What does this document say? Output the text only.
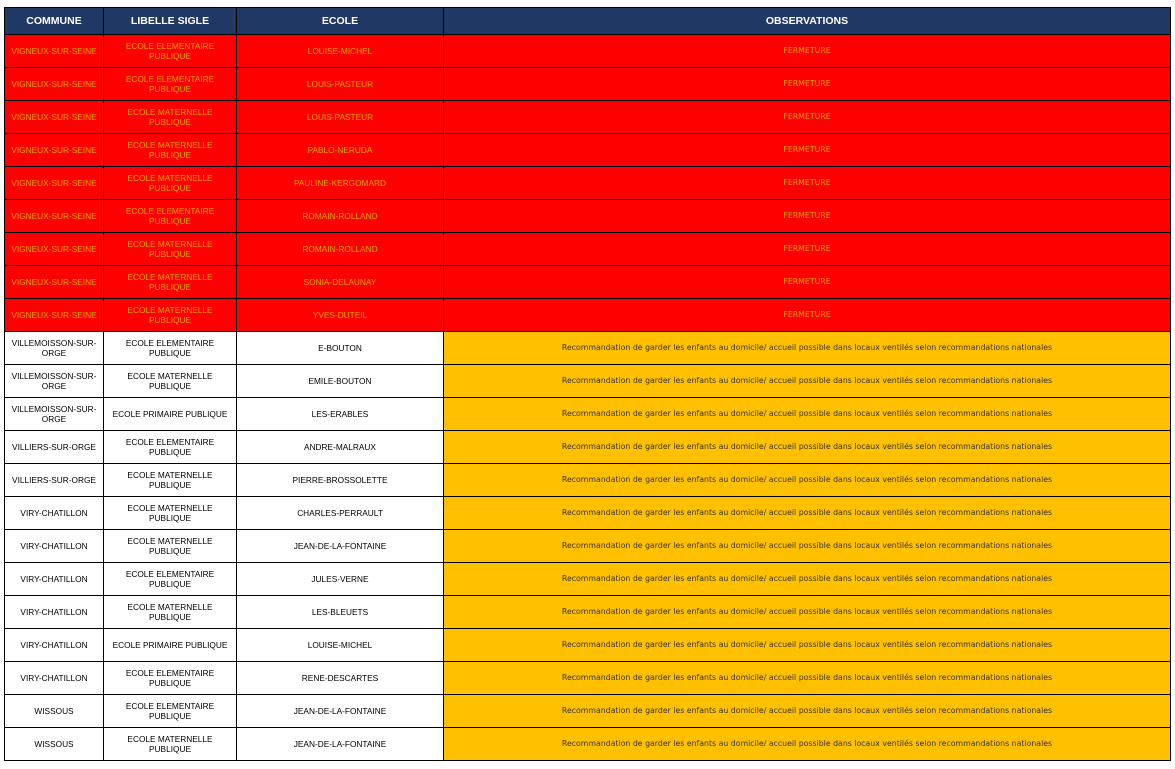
COMMUNE	LIBELLE SIGLE	ECOLE	OBSERVATIONS
VIGNEUX-SUR-SEINE	ECOLE ELEMENTAIRE PUBLIQUE	LOUISE-MICHEL	FERMETURE
VIGNEUX-SUR-SEINE	ECOLE ELEMENTAIRE PUBLIQUE	LOUIS-PASTEUR	FERMETURE
VIGNEUX-SUR-SEINE	ECOLE MATERNELLE PUBLIQUE	LOUIS-PASTEUR	FERMETURE
VIGNEUX-SUR-SEINE	ECOLE MATERNELLE PUBLIQUE	PABLO-NERUDA	FERMETURE
VIGNEUX-SUR-SEINE	ECOLE MATERNELLE PUBLIQUE	PAULINE-KERGOMARD	FERMETURE
VIGNEUX-SUR-SEINE	ECOLE ELEMENTAIRE PUBLIQUE	ROMAIN-ROLLAND	FERMETURE
VIGNEUX-SUR-SEINE	ECOLE MATERNELLE PUBLIQUE	ROMAIN-ROLLAND	FERMETURE
VIGNEUX-SUR-SEINE	ECOLE MATERNELLE PUBLIQUE	SONIA-DELAUNAY	FERMETURE
VIGNEUX-SUR-SEINE	ECOLE MATERNELLE PUBLIQUE	YVES-DUTEIL	FERMETURE
VILLEMOISSON-SUR-ORGE	ECOLE ELEMENTAIRE PUBLIQUE	E-BOUTON	Recommandation de garder les enfants au domicile/ accueil possible dans locaux ventilés selon recommandations nationales
VILLEMOISSON-SUR-ORGE	ECOLE MATERNELLE PUBLIQUE	EMILE-BOUTON	Recommandation de garder les enfants au domicile/ accueil possible dans locaux ventilés selon recommandations nationales
VILLEMOISSON-SUR-ORGE	ECOLE PRIMAIRE PUBLIQUE	LES-ERABLES	Recommandation de garder les enfants au domicile/ accueil possible dans locaux ventilés selon recommandations nationales
VILLIERS-SUR-ORGE	ECOLE ELEMENTAIRE PUBLIQUE	ANDRE-MALRAUX	Recommandation de garder les enfants au domicile/ accueil possible dans locaux ventilés selon recommandations nationales
VILLIERS-SUR-ORGE	ECOLE MATERNELLE PUBLIQUE	PIERRE-BROSSOLETTE	Recommandation de garder les enfants au domicile/ accueil possible dans locaux ventilés selon recommandations nationales
VIRY-CHATILLON	ECOLE MATERNELLE PUBLIQUE	CHARLES-PERRAULT	Recommandation de garder les enfants au domicile/ accueil possible dans locaux ventilés selon recommandations nationales
VIRY-CHATILLON	ECOLE MATERNELLE PUBLIQUE	JEAN-DE-LA-FONTAINE	Recommandation de garder les enfants au domicile/ accueil possible dans locaux ventilés selon recommandations nationales
VIRY-CHATILLON	ECOLE ELEMENTAIRE PUBLIQUE	JULES-VERNE	Recommandation de garder les enfants au domicile/ accueil possible dans locaux ventilés selon recommandations nationales
VIRY-CHATILLON	ECOLE MATERNELLE PUBLIQUE	LES-BLEUETS	Recommandation de garder les enfants au domicile/ accueil possible dans locaux ventilés selon recommandations nationales
VIRY-CHATILLON	ECOLE PRIMAIRE PUBLIQUE	LOUISE-MICHEL	Recommandation de garder les enfants au domicile/ accueil possible dans locaux ventilés selon recommandations nationales
VIRY-CHATILLON	ECOLE ELEMENTAIRE PUBLIQUE	RENE-DESCARTES	Recommandation de garder les enfants au domicile/ accueil possible dans locaux ventilés selon recommandations nationales
WISSOUS	ECOLE ELEMENTAIRE PUBLIQUE	JEAN-DE-LA-FONTAINE	Recommandation de garder les enfants au domicile/ accueil possible dans locaux ventilés selon recommandations nationales
WISSOUS	ECOLE MATERNELLE PUBLIQUE	JEAN-DE-LA-FONTAINE	Recommandation de garder les enfants au domicile/ accueil possible dans locaux ventilés selon recommandations nationales
